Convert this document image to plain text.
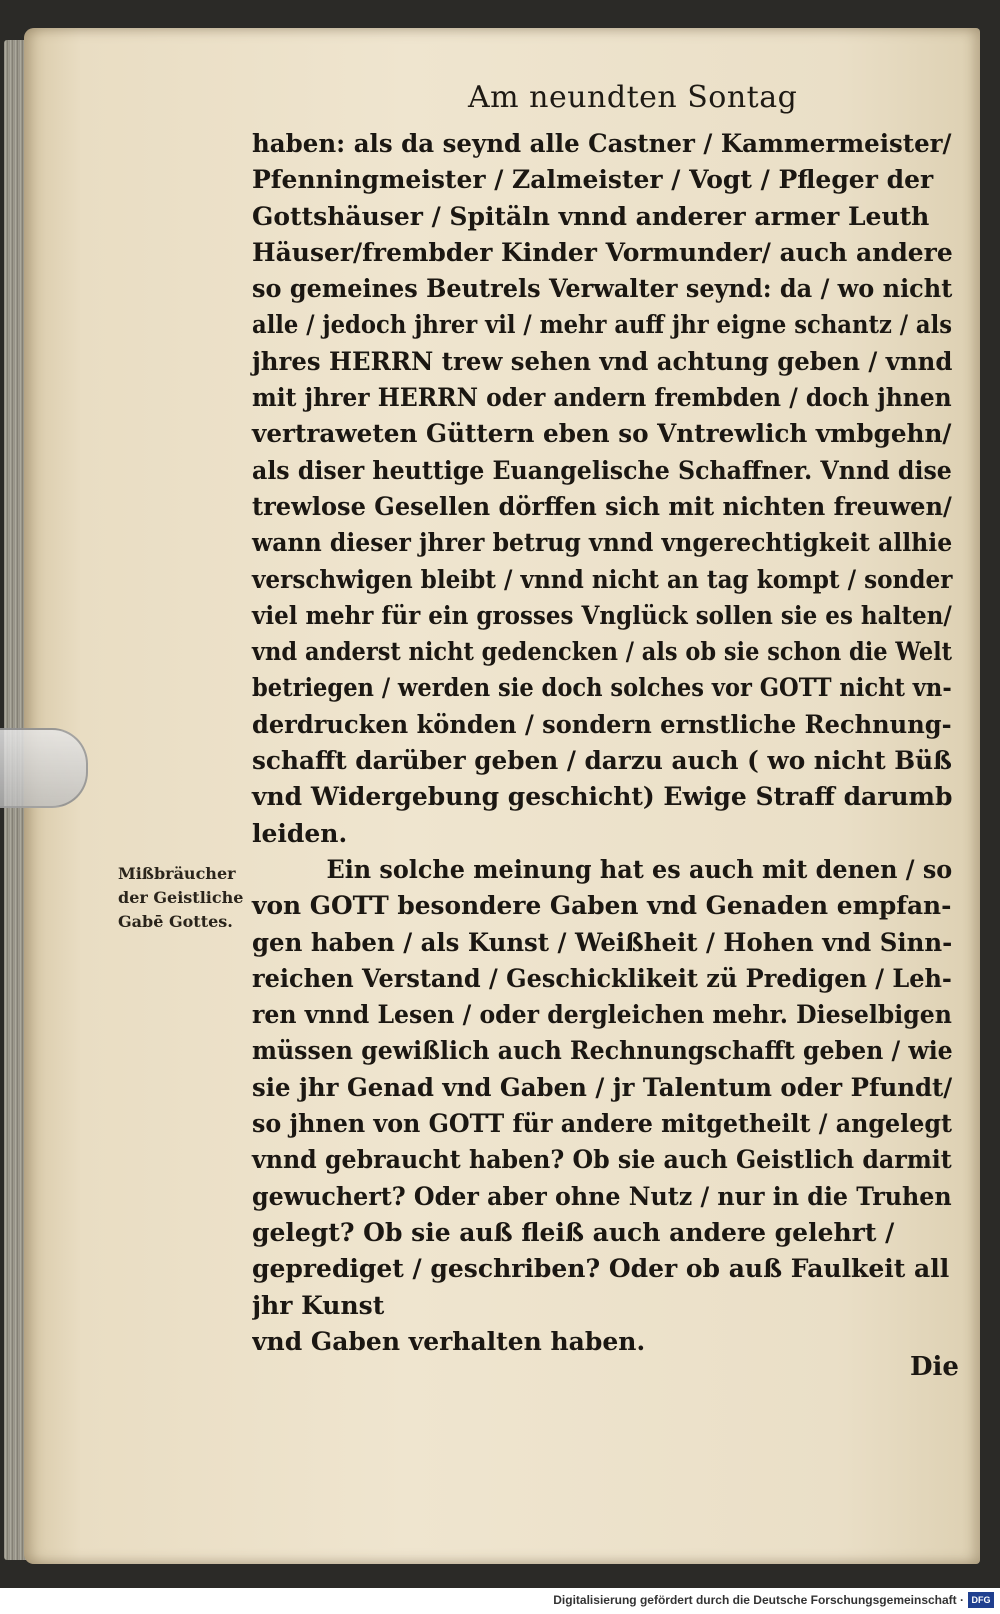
Am neundten Sontag
haben: als da seynd alle Castner / Kammermeister/
Pfenningmeister / Zalmeister / Vogt / Pfleger der
Gottshäuser / Spitäln vnnd anderer armer Leuth
Häuser/frembder Kinder Vormunder/ auch andere
so gemeines Beutrels Verwalter seynd: da / wo nicht
alle / jedoch jhrer vil / mehr auff jhr eigne schantz / als
jhres HERRN trew sehen vnd achtung geben / vnnd
mit jhrer HERRN oder andern frembden / doch jhnen
vertraweten Güttern eben so Vntrewlich vmbgehn/
als diser heuttige Euangelische Schaffner. Vnnd dise
trewlose Gesellen dörffen sich mit nichten freuwen/
wann dieser jhrer betrug vnnd vngerechtigkeit allhie
verschwigen bleibt / vnnd nicht an tag kompt / sonder
viel mehr für ein grosses Vnglück sollen sie es halten/
vnd anderst nicht gedencken / als ob sie schon die Welt
betriegen / werden sie doch solches vor GOTT nicht vn-
derdrucken könden / sondern ernstliche Rechnung-
schafft darüber geben / darzu auch ( wo nicht Büß
vnd Widergebung geschicht) Ewige Straff darumb
leiden.
Ein solche meinung hat es auch mit denen / so
von GOTT besondere Gaben vnd Genaden empfan-
gen haben / als Kunst / Weißheit / Hohen vnd Sinn-
reichen Verstand / Geschicklikeit zü Predigen / Leh-
ren vnnd Lesen / oder dergleichen mehr. Dieselbigen
müssen gewißlich auch Rechnungschafft geben / wie
sie jhr Genad vnd Gaben / jr Talentum oder Pfundt/
so jhnen von GOTT für andere mitgetheilt / angelegt
vnnd gebraucht haben? Ob sie auch Geistlich darmit
gewuchert? Oder aber ohne Nutz / nur in die Truhen
gelegt? Ob sie auß fleiß auch andere gelehrt / geprediget / geschriben? Oder ob auß Faulkeit all jhr Kunst
vnd Gaben verhalten haben.
Mißbräucher
der Geistliche
Gabē Gottes.
Die
Digitalisierung gefördert durch die Deutsche Forschungsgemeinschaft · DFG
